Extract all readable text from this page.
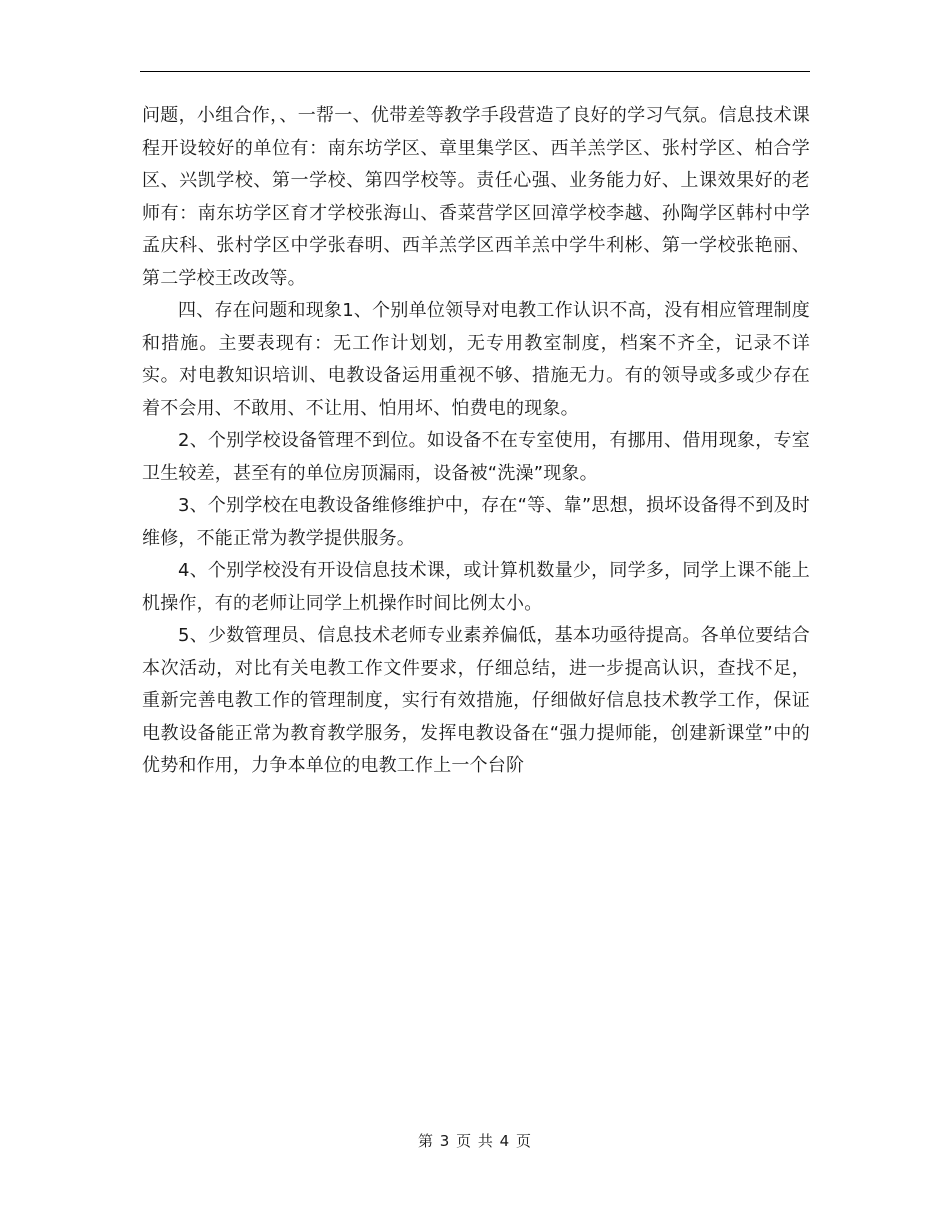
问题，小组合作，、一帮一、优带差等教学手段营造了良好的学习气氛。信息技术课程开设较好的单位有：南东坊学区、章里集学区、西羊羔学区、张村学区、柏合学区、兴凯学校、第一学校、第四学校等。责任心强、业务能力好、上课效果好的老师有：南东坊学区育才学校张海山、香菜营学区回漳学校李越、孙陶学区韩村中学孟庆科、张村学区中学张春明、西羊羔学区西羊羔中学牛利彬、第一学校张艳丽、第二学校王改改等。

四、存在问题和现象1、个别单位领导对电教工作认识不高，没有相应管理制度和措施。主要表现有：无工作计划划，无专用教室制度，档案不齐全，记录不详实。对电教知识培训、电教设备运用重视不够、措施无力。有的领导或多或少存在着不会用、不敢用、不让用、怕用坏、怕费电的现象。

2、个别学校设备管理不到位。如设备不在专室使用，有挪用、借用现象，专室卫生较差，甚至有的单位房顶漏雨，设备被“洗澡”现象。

3、个别学校在电教设备维修维护中，存在“等、靠”思想，损坏设备得不到及时维修，不能正常为教学提供服务。

4、个别学校没有开设信息技术课，或计算机数量少，同学多，同学上课不能上机操作，有的老师让同学上机操作时间比例太小。

5、少数管理员、信息技术老师专业素养偏低，基本功亟待提高。各单位要结合本次活动，对比有关电教工作文件要求，仔细总结，进一步提高认识，查找不足，重新完善电教工作的管理制度，实行有效措施，仔细做好信息技术教学工作，保证电教设备能正常为教育教学服务，发挥电教设备在“强力提师能，创建新课堂”中的优势和作用，力争本单位的电教工作上一个台阶

第 3 页 共 4 页
